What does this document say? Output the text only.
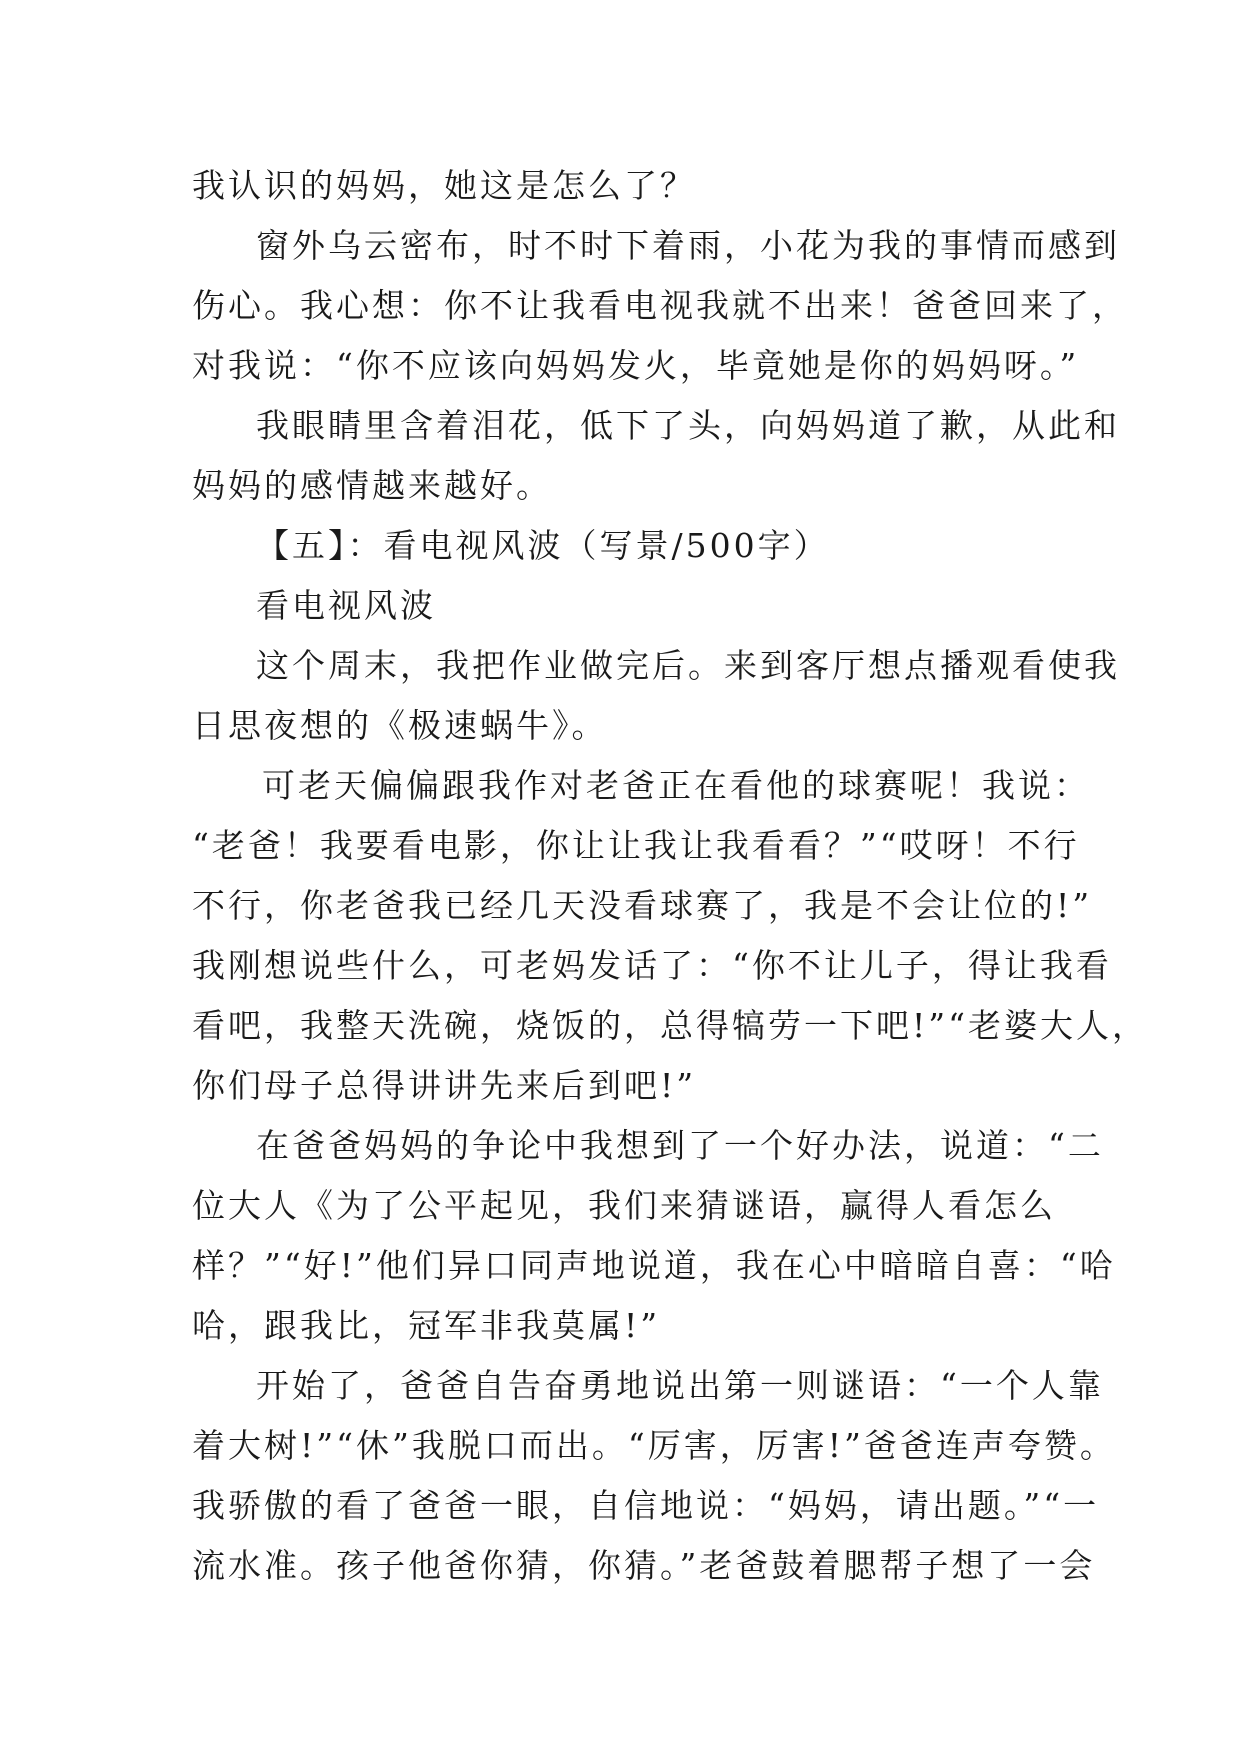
我认识的妈妈，她这是怎么了？
窗外乌云密布，时不时下着雨，小花为我的事情而感到
伤心。我心想：你不让我看电视我就不出来！爸爸回来了，
对我说：“你不应该向妈妈发火，毕竟她是你的妈妈呀。”
我眼睛里含着泪花，低下了头，向妈妈道了歉，从此和
妈妈的感情越来越好。
【五】：看电视风波（写景/500字）
看电视风波
这个周末，我把作业做完后。来到客厅想点播观看使我
日思夜想的《极速蜗牛》。
可老天偏偏跟我作对老爸正在看他的球赛呢！我说：
“老爸！我要看电影，你让让我让我看看？”“哎呀！不行
不行，你老爸我已经几天没看球赛了，我是不会让位的!”
我刚想说些什么，可老妈发话了：“你不让儿子，得让我看
看吧，我整天洗碗，烧饭的，总得犒劳一下吧!”“老婆大人，
你们母子总得讲讲先来后到吧!”
在爸爸妈妈的争论中我想到了一个好办法，说道：“二
位大人《为了公平起见，我们来猜谜语，赢得人看怎么
样？”“好!”他们异口同声地说道，我在心中暗暗自喜：“哈
哈，跟我比，冠军非我莫属!”
开始了，爸爸自告奋勇地说出第一则谜语：“一个人靠
着大树!”“休”我脱口而出。“厉害，厉害!”爸爸连声夸赞。
我骄傲的看了爸爸一眼，自信地说：“妈妈，请出题。”“一
流水准。孩子他爸你猜，你猜。”老爸鼓着腮帮子想了一会
